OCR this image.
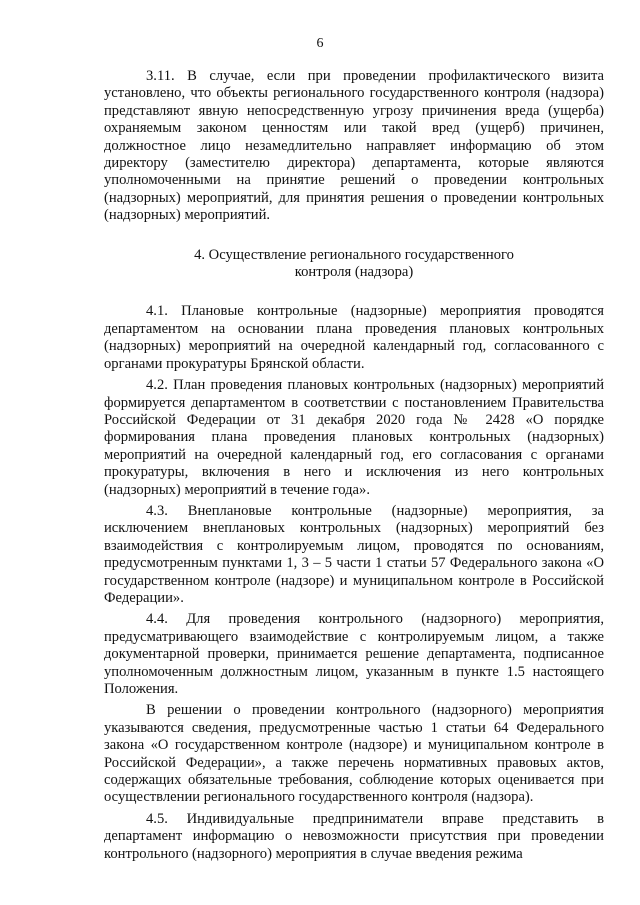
6

3.11. В случае, если при проведении профилактического визита установлено, что объекты регионального государственного контроля (надзора) представляют явную непосредственную угрозу причинения вреда (ущерба) охраняемым законом ценностям или такой вред (ущерб) причинен, должностное лицо незамедлительно направляет информацию об этом директору (заместителю директора) департамента, которые являются уполномоченными на принятие решений о проведении контрольных (надзорных) мероприятий, для принятия решения о проведении контрольных (надзорных) мероприятий.

4. Осуществление регионального государственного
контроля (надзора)

4.1. Плановые контрольные (надзорные) мероприятия проводятся департаментом на основании плана проведения плановых контрольных (надзорных) мероприятий на очередной календарный год, согласованного с органами прокуратуры Брянской области.

4.2. План проведения плановых контрольных (надзорных) мероприятий формируется департаментом в соответствии с постановлением Правительства Российской Федерации от 31 декабря 2020 года № 2428 «О порядке формирования плана проведения плановых контрольных (надзорных) мероприятий на очередной календарный год, его согласования с органами прокуратуры, включения в него и исключения из него контрольных (надзорных) мероприятий в течение года».

4.3. Внеплановые контрольные (надзорные) мероприятия, за исключением внеплановых контрольных (надзорных) мероприятий без взаимодействия с контролируемым лицом, проводятся по основаниям, предусмотренным пунктами 1, 3 – 5 части 1 статьи 57 Федерального закона «О государственном контроле (надзоре) и муниципальном контроле в Российской Федерации».

4.4. Для проведения контрольного (надзорного) мероприятия, предусматривающего взаимодействие с контролируемым лицом, а также документарной проверки, принимается решение департамента, подписанное уполномоченным должностным лицом, указанным в пункте 1.5 настоящего Положения.

В решении о проведении контрольного (надзорного) мероприятия указываются сведения, предусмотренные частью 1 статьи 64 Федерального закона «О государственном контроле (надзоре) и муниципальном контроле в Российской Федерации», а также перечень нормативных правовых актов, содержащих обязательные требования, соблюдение которых оценивается при осуществлении регионального государственного контроля (надзора).

4.5. Индивидуальные предприниматели вправе представить в департамент информацию о невозможности присутствия при проведении контрольного (надзорного) мероприятия в случае введения режима
